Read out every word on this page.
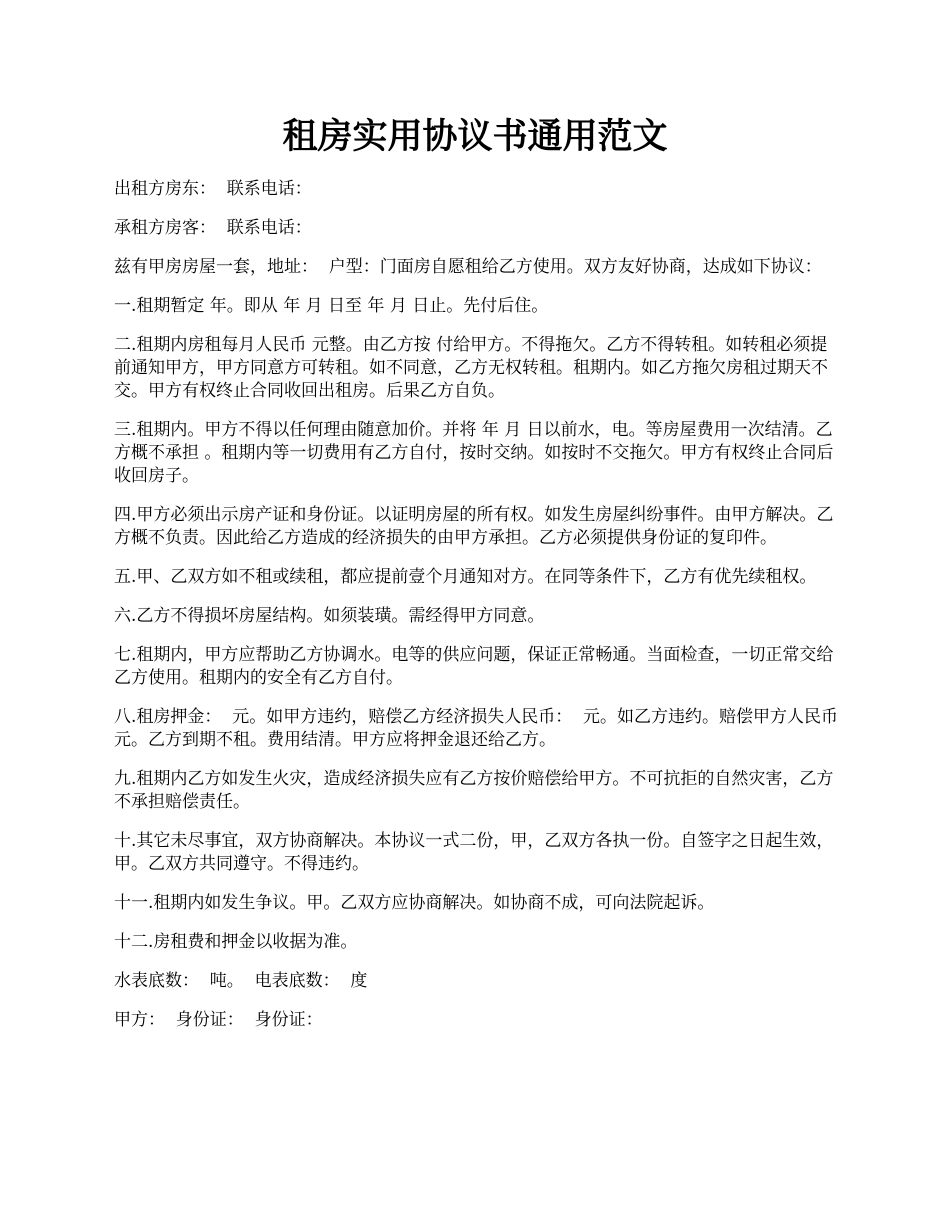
租房实用协议书通用范文

出租方房东：  联系电话：

承租方房客：  联系电话：

兹有甲房房屋一套，地址：  户型：门面房自愿租给乙方使用。双方友好协商，达成如下协议：

一.租期暂定 年。即从 年 月 日至 年 月 日止。先付后住。

二.租期内房租每月人民币 元整。由乙方按 付给甲方。不得拖欠。乙方不得转租。如转租必须提前通知甲方，甲方同意方可转租。如不同意，乙方无权转租。租期内。如乙方拖欠房租过期天不交。甲方有权终止合同收回出租房。后果乙方自负。

三.租期内。甲方不得以任何理由随意加价。并将 年 月 日以前水，电。等房屋费用一次结清。乙方概不承担 。租期内等一切费用有乙方自付，按时交纳。如按时不交拖欠。甲方有权终止合同后收回房子。

四.甲方必须出示房产证和身份证。以证明房屋的所有权。如发生房屋纠纷事件。由甲方解决。乙方概不负责。因此给乙方造成的经济损失的由甲方承担。乙方必须提供身份证的复印件。

五.甲、乙双方如不租或续租，都应提前壹个月通知对方。在同等条件下，乙方有优先续租权。

六.乙方不得损坏房屋结构。如须装璜。需经得甲方同意。

七.租期内，甲方应帮助乙方协调水。电等的供应问题，保证正常畅通。当面检查，一切正常交给乙方使用。租期内的安全有乙方自付。

八.租房押金：  元。如甲方违约，赔偿乙方经济损失人民币：  元。如乙方违约。赔偿甲方人民币 元。乙方到期不租。费用结清。甲方应将押金退还给乙方。

九.租期内乙方如发生火灾，造成经济损失应有乙方按价赔偿给甲方。不可抗拒的自然灾害，乙方不承担赔偿责任。

十.其它未尽事宜，双方协商解决。本协议一式二份，甲，乙双方各执一份。自签字之日起生效，甲。乙双方共同遵守。不得违约。

十一.租期内如发生争议。甲。乙双方应协商解决。如协商不成，可向法院起诉。

十二.房租费和押金以收据为准。

水表底数：  吨。  电表底数：  度

甲方：  身份证：  身份证：
